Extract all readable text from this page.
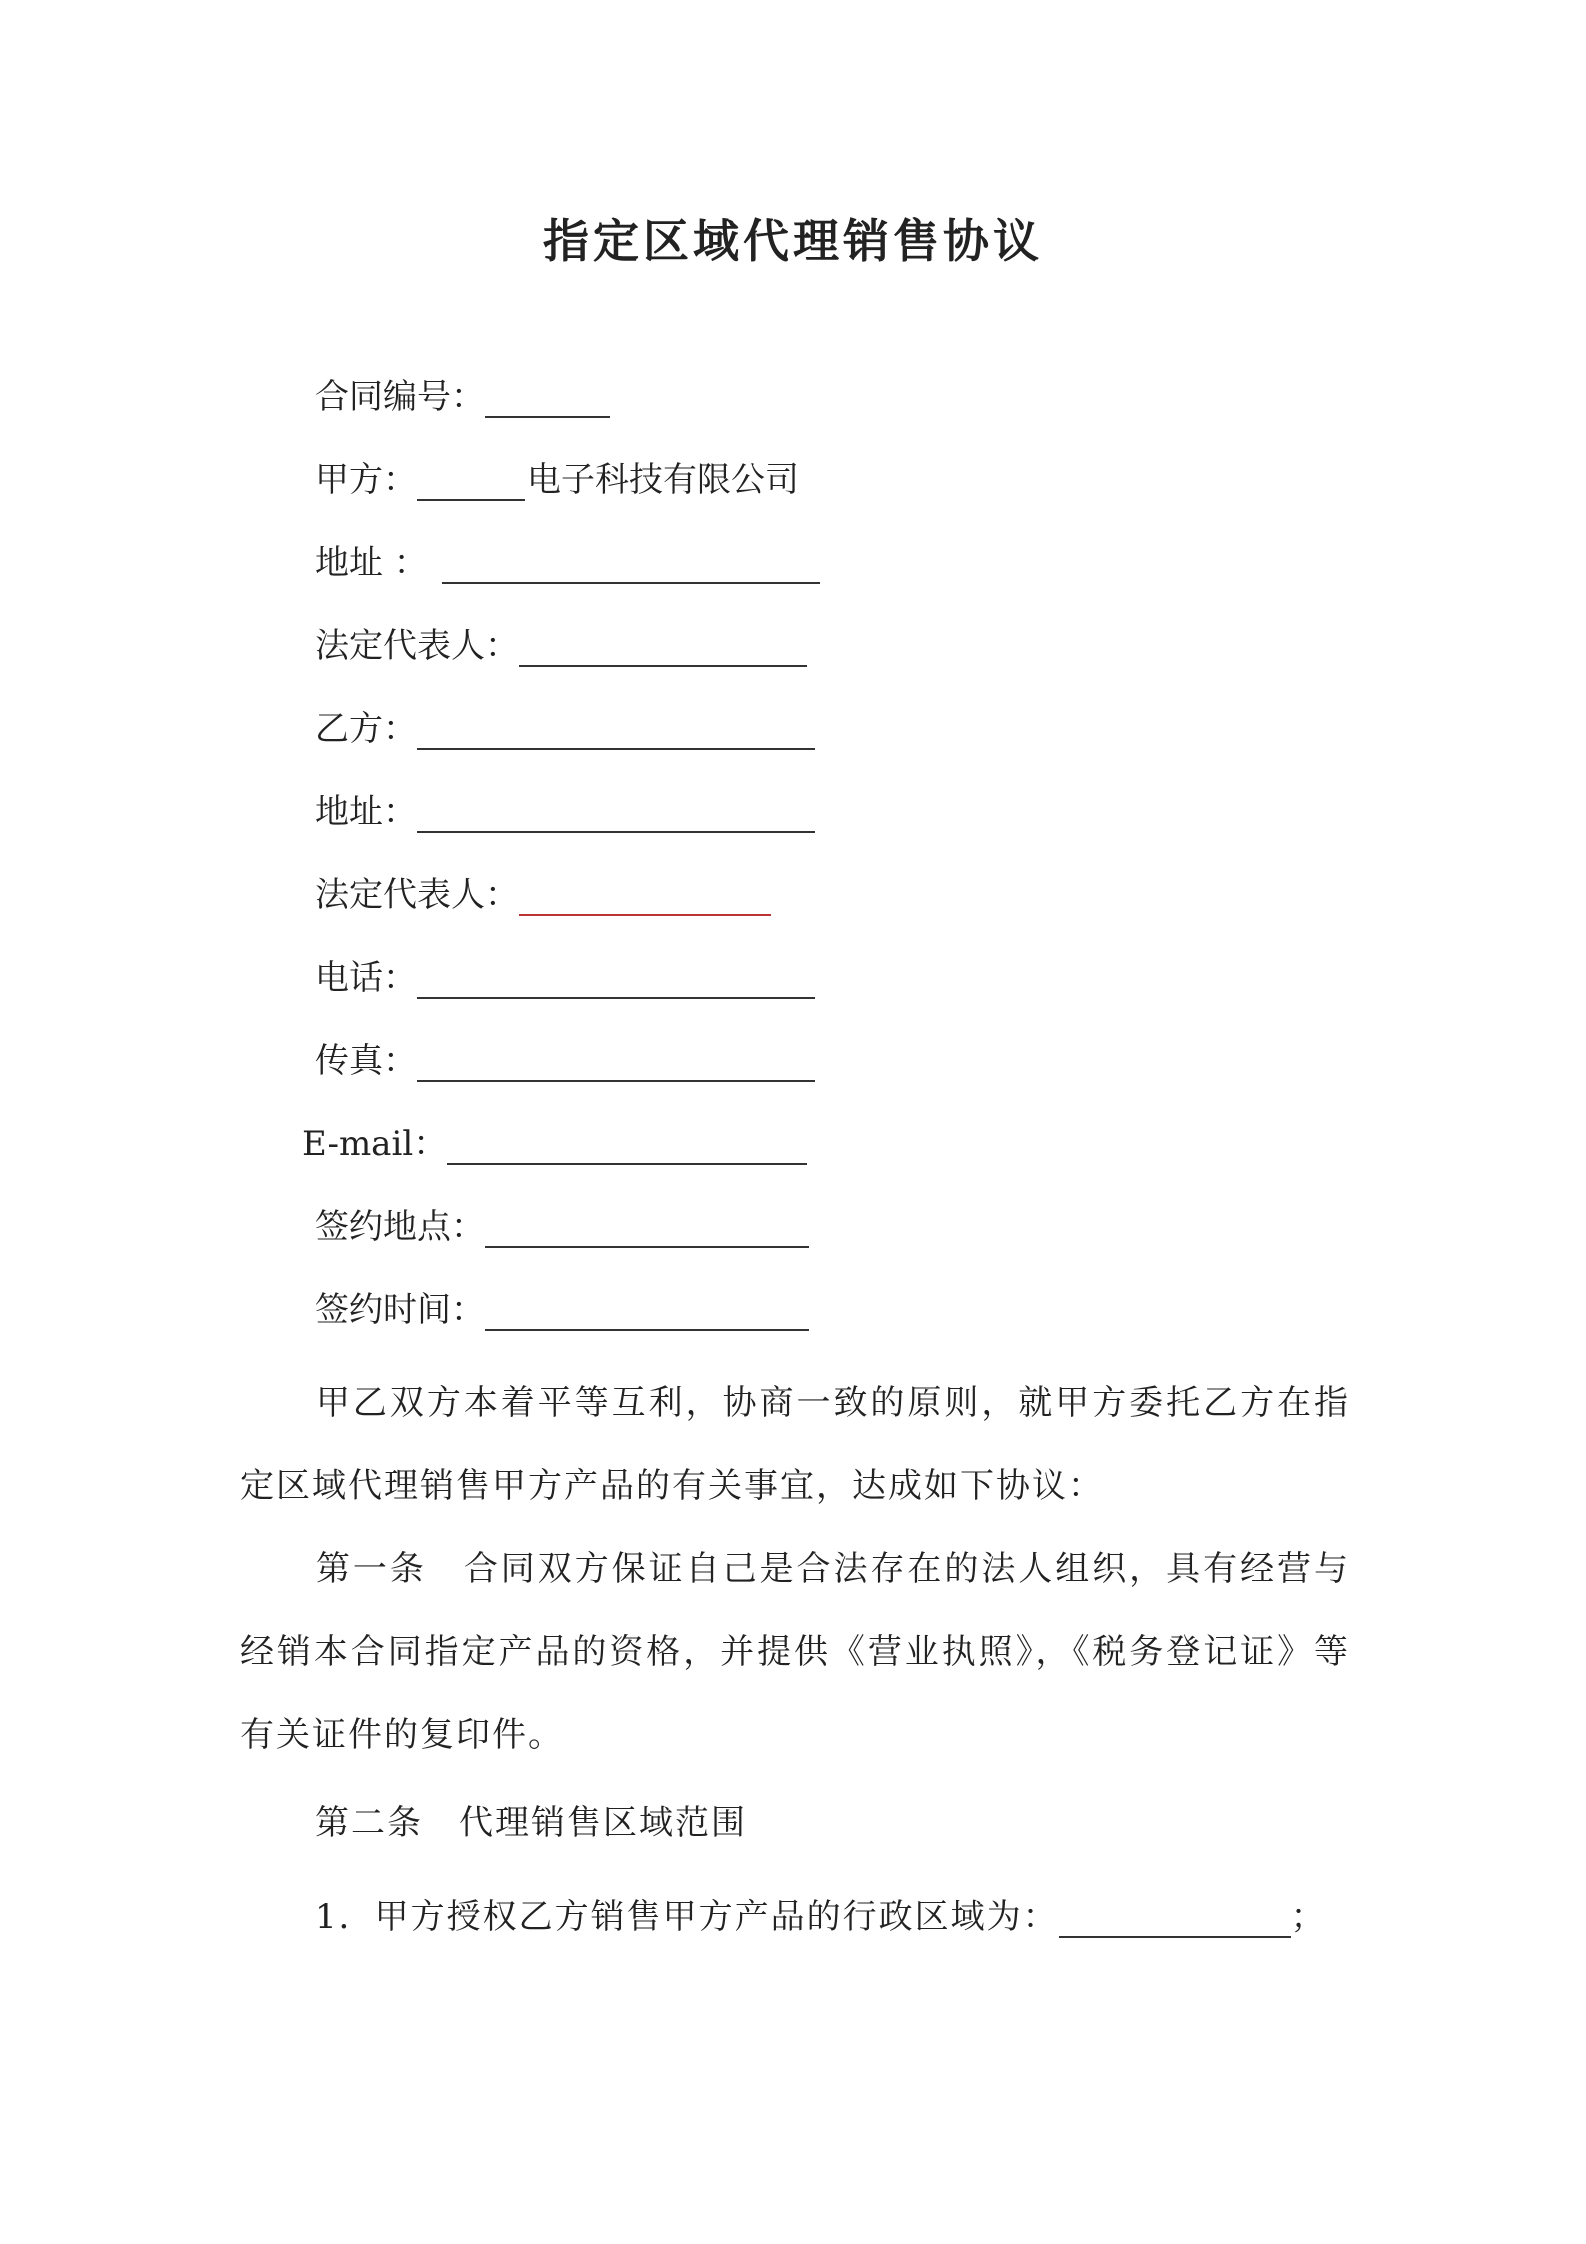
指定区域代理销售协议
合同编号：
甲方：	电子科技有限公司
地址 ：
法定代表人：
乙方：
地址：
法定代表人：
电话：
传真：
E-mail：
签约地点：
签约时间：
甲乙双方本着平等互利，协商一致的原则，就甲方委托乙方在指定区域代理销售甲方产品的有关事宜，达成如下协议：
第一条　合同双方保证自己是合法存在的法人组织，具有经营与经销本合同指定产品的资格，并提供《营业执照》，《税务登记证》等有关证件的复印件。
第二条　代理销售区域范围
1．甲方授权乙方销售甲方产品的行政区域为：	；
